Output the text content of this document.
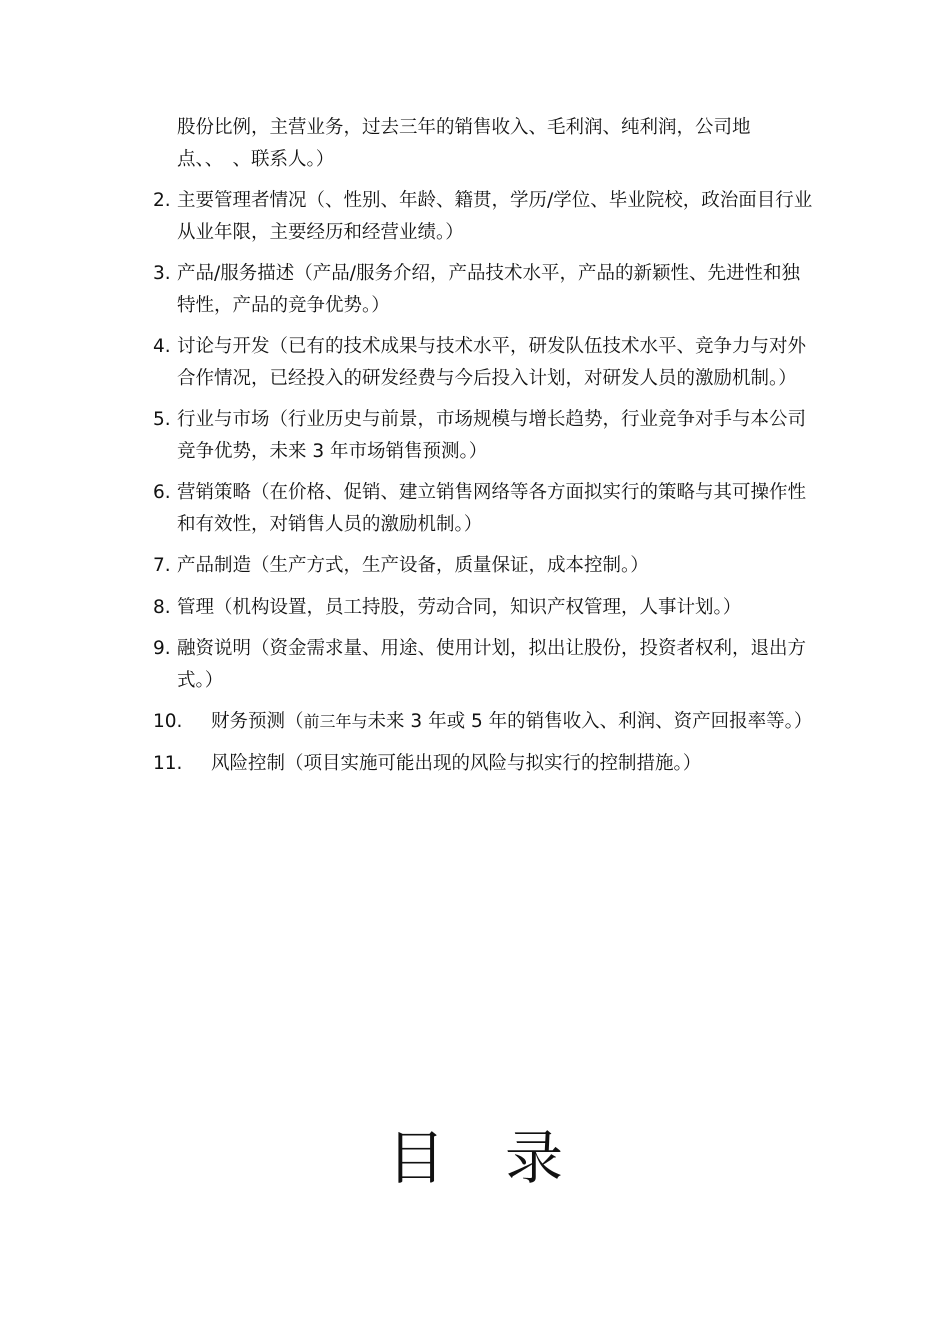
股份比例，主营业务，过去三年的销售收入、毛利润、纯利润，公司地点、、　、联系人。）
2. 主要管理者情况（、性别、年龄、籍贯，学历/学位、毕业院校，政治面目行业从业年限，主要经历和经营业绩。）
3. 产品/服务描述（产品/服务介绍，产品技术水平，产品的新颖性、先进性和独特性，产品的竞争优势。）
4. 讨论与开发（已有的技术成果与技术水平，研发队伍技术水平、竞争力与对外合作情况，已经投入的研发经费与今后投入计划，对研发人员的激励机制。）
5. 行业与市场（行业历史与前景，市场规模与增长趋势，行业竞争对手与本公司竞争优势，未来 3 年市场销售预测。）
6. 营销策略（在价格、促销、建立销售网络等各方面拟实行的策略与其可操作性和有效性，对销售人员的激励机制。）
7. 产品制造（生产方式，生产设备，质量保证，成本控制。）
8. 管理（机构设置，员工持股，劳动合同，知识产权管理，人事计划。）
9. 融资说明（资金需求量、用途、使用计划，拟出让股份，投资者权利，退出方式。）
10.	财务预测（前三年与未来 3 年或 5 年的销售收入、利润、资产回报率等。）
11.	风险控制（项目实施可能出现的风险与拟实行的控制措施。）
目录
